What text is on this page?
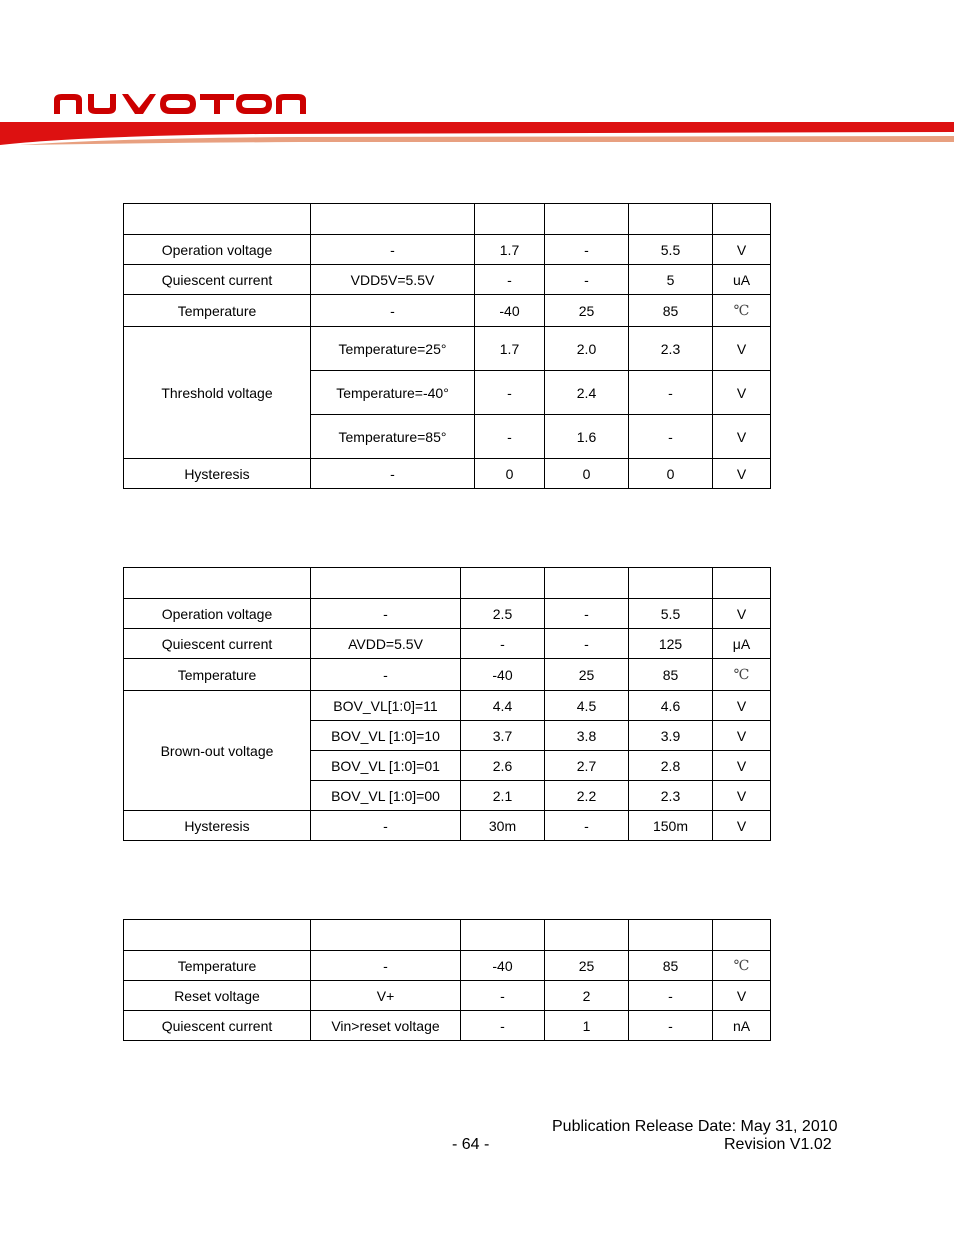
Operation voltage	-	1.7	-	5.5	V
Quiescent current	VDD5V=5.5V	-	-	5	uA
Temperature	-	-40	25	85	℃
Threshold voltage	Temperature=25°	1.7	2.0	2.3	V
	Temperature=-40°	-	2.4	-	V
	Temperature=85°	-	1.6	-	V
Hysteresis	-	0	0	0	V

Operation voltage	-	2.5	-	5.5	V
Quiescent current	AVDD=5.5V	-	-	125	μA
Temperature	-	-40	25	85	℃
Brown-out voltage	BOV_VL[1:0]=11	4.4	4.5	4.6	V
	BOV_VL [1:0]=10	3.7	3.8	3.9	V
	BOV_VL [1:0]=01	2.6	2.7	2.8	V
	BOV_VL [1:0]=00	2.1	2.2	2.3	V
Hysteresis	-	30m	-	150m	V

Temperature	-	-40	25	85	℃
Reset voltage	V+	-	2	-	V
Quiescent current	Vin>reset voltage	-	1	-	nA
Publication Release Date: May 31, 2010
- 64 -	Revision V1.02
